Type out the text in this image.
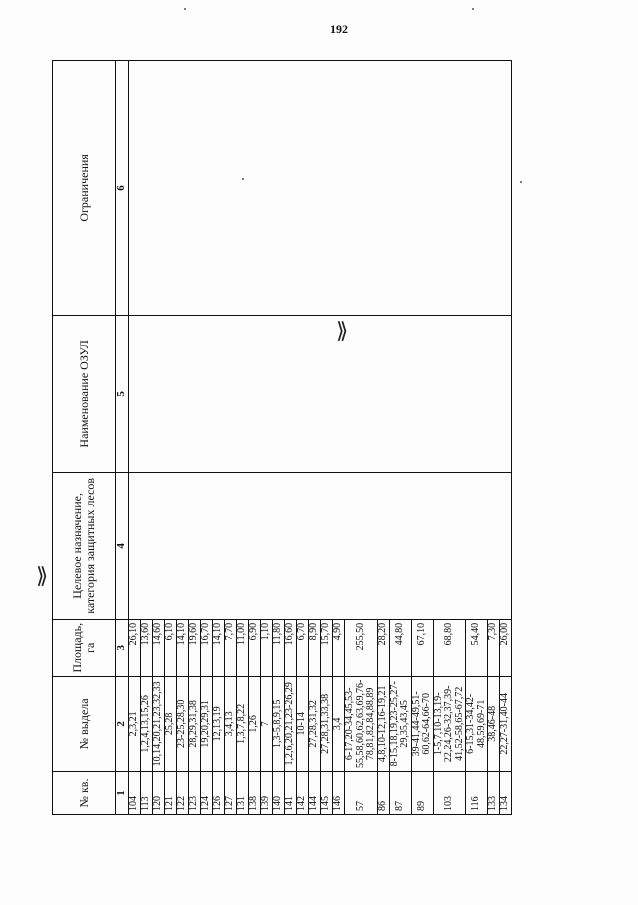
192
⟫
⟫
№ кв.	№ выдела	Площадь, га	Целевое назначение, категория защитных лесов	Наименование ОЗУЛ	Ограничения
1	2	3	4	5	6
104	2,3,21	26,10			
113	1,2,4,13,15,26	13,60			
120	10,14,20,21,23,32,33	14,60			
121	25,28	6,10			
122	23-25,28,30	14,10			
123	28,29,31,38	19,60			
124	19,20,29,31	16,70			
126	12,13,19	14,10			
127	3,4,13	7,70			
131	1,3,7,8,22	11,00			
138	1,26	6,90			
139	7	1,10			
140	1,3-5,8,9,15	11,80			
141	1,2,6,20,21,23-26,29	16,60			
142	10-14	6,70			
144	27,28,31,32	8,90			
145	27,28,31,33,38	15,70			
146	3,4	4,90			
57	6-17,20-34,45,53-55,58,60,62,63,69,76-78,81,82,84,88,89	255,50			
86	4,8,10-12,16-19,21	28,20			
87	8-15,18,19,23-25,27-29,35,43,45	44,80			
89	39-41,44-49,51-60,62-64,66-70	67,10			
103	1-5,7,10-13,19-22,24,26-32,37,39-41,52-58,65-67,72	68,80			
116	6-15,31-34,42-48,59,69-71	54,40			
133	38,46-48	7,30			
134	22,27-31,40-44	26,00			
